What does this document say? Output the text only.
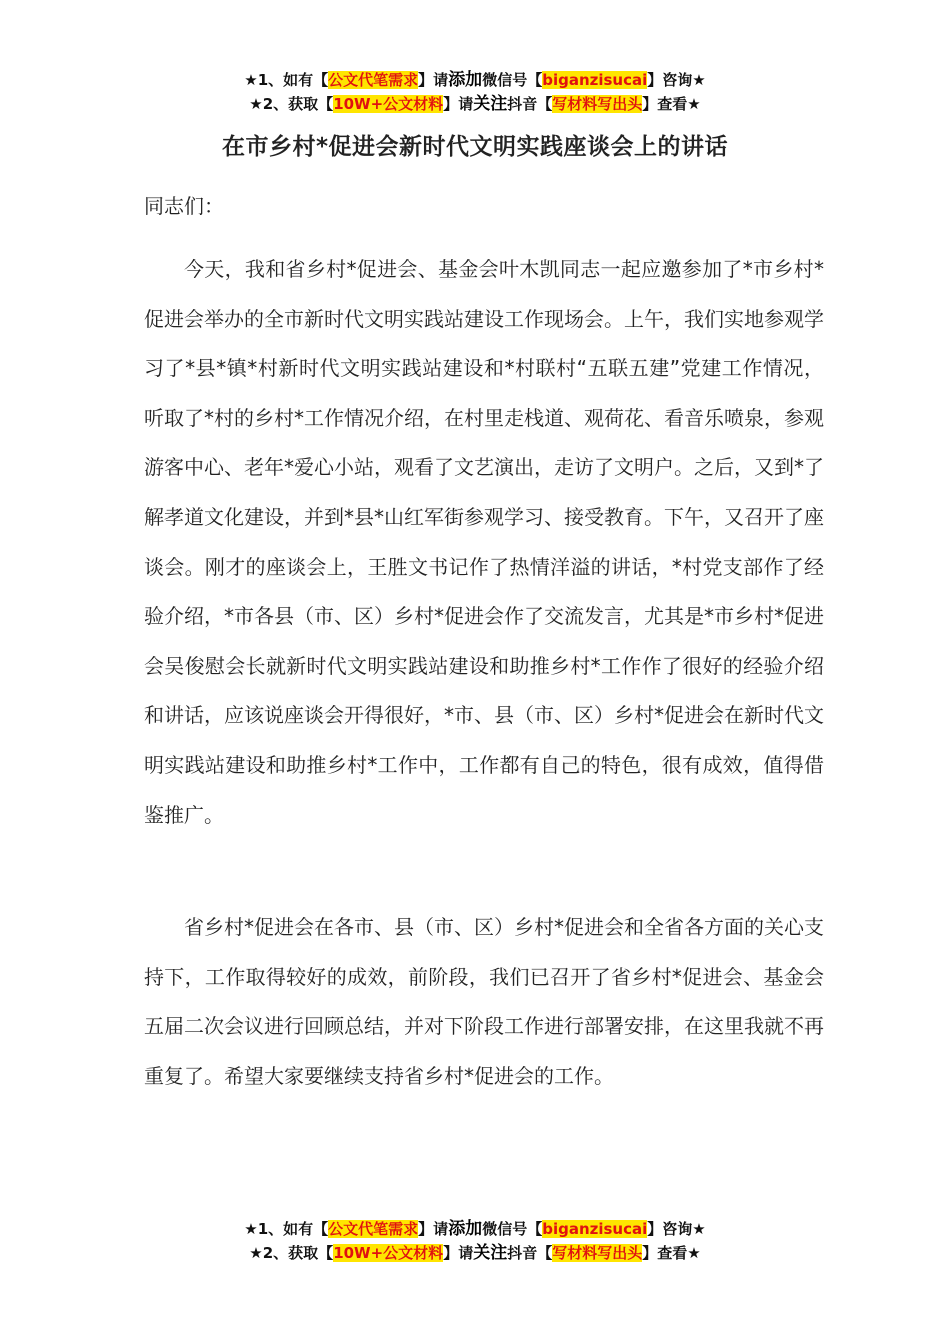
★1、如有【公文代笔需求】请添加微信号【biganzisucai】咨询★
★2、获取【10W+公文材料】请关注抖音【写材料写出头】查看★
在市乡村*促进会新时代文明实践座谈会上的讲话
同志们：
今天，我和省乡村*促进会、基金会叶木凯同志一起应邀参加了*市乡村*促进会举办的全市新时代文明实践站建设工作现场会。上午，我们实地参观学习了*县*镇*村新时代文明实践站建设和*村联村“五联五建”党建工作情况，听取了*村的乡村*工作情况介绍，在村里走栈道、观荷花、看音乐喷泉，参观游客中心、老年*爱心小站，观看了文艺演出，走访了文明户。之后，又到*了解孝道文化建设，并到*县*山红军街参观学习、接受教育。下午，又召开了座谈会。刚才的座谈会上，王胜文书记作了热情洋溢的讲话，*村党支部作了经验介绍，*市各县（市、区）乡村*促进会作了交流发言，尤其是*市乡村*促进会吴俊慰会长就新时代文明实践站建设和助推乡村*工作作了很好的经验介绍和讲话，应该说座谈会开得很好，*市、县（市、区）乡村*促进会在新时代文明实践站建设和助推乡村*工作中，工作都有自己的特色，很有成效，值得借鉴推广。
省乡村*促进会在各市、县（市、区）乡村*促进会和全省各方面的关心支持下，工作取得较好的成效，前阶段，我们已召开了省乡村*促进会、基金会五届二次会议进行回顾总结，并对下阶段工作进行部署安排，在这里我就不再重复了。希望大家要继续支持省乡村*促进会的工作。
★1、如有【公文代笔需求】请添加微信号【biganzisucai】咨询★
★2、获取【10W+公文材料】请关注抖音【写材料写出头】查看★
